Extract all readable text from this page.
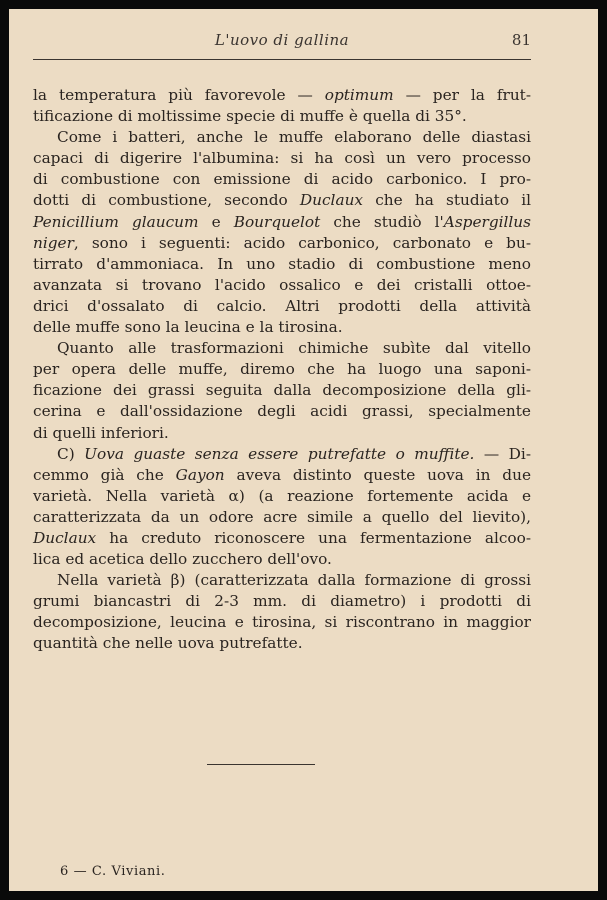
L'uovo di gallina	81
la temperatura più favorevole — optimum — per la frut-
tificazione di moltissime specie di muffe è quella di 35°.
Come i batteri, anche le muffe elaborano delle diastasi
capaci di digerire l'albumina: si ha così un vero processo
di combustione con emissione di acido carbonico. I pro-
dotti di combustione, secondo Duclaux che ha studiato il
Penicillium glaucum e Bourquelot che studiò l'Aspergillus
niger, sono i seguenti: acido carbonico, carbonato e bu-
tirrato d'ammoniaca. In uno stadio di combustione meno
avanzata si trovano l'acido ossalico e dei cristalli ottoe-
drici d'ossalato di calcio. Altri prodotti della attività
delle muffe sono la leucina e la tirosina.
Quanto alle trasformazioni chimiche subìte dal vitello
per opera delle muffe, diremo che ha luogo una saponi-
ficazione dei grassi seguita dalla decomposizione della gli-
cerina e dall'ossidazione degli acidi grassi, specialmente
di quelli inferiori.
C) Uova guaste senza essere putrefatte o muffite. — Di-
cemmo già che Gayon aveva distinto queste uova in due
varietà. Nella varietà α) (a reazione fortemente acida e
caratterizzata da un odore acre simile a quello del lievito),
Duclaux ha creduto riconoscere una fermentazione alcoo-
lica ed acetica dello zucchero dell'ovo.
Nella varietà β) (caratterizzata dalla formazione di grossi
grumi biancastri di 2-3 mm. di diametro) i prodotti di
decomposizione, leucina e tirosina, si riscontrano in maggior
quantità che nelle uova putrefatte.
6 — C. Viviani.
